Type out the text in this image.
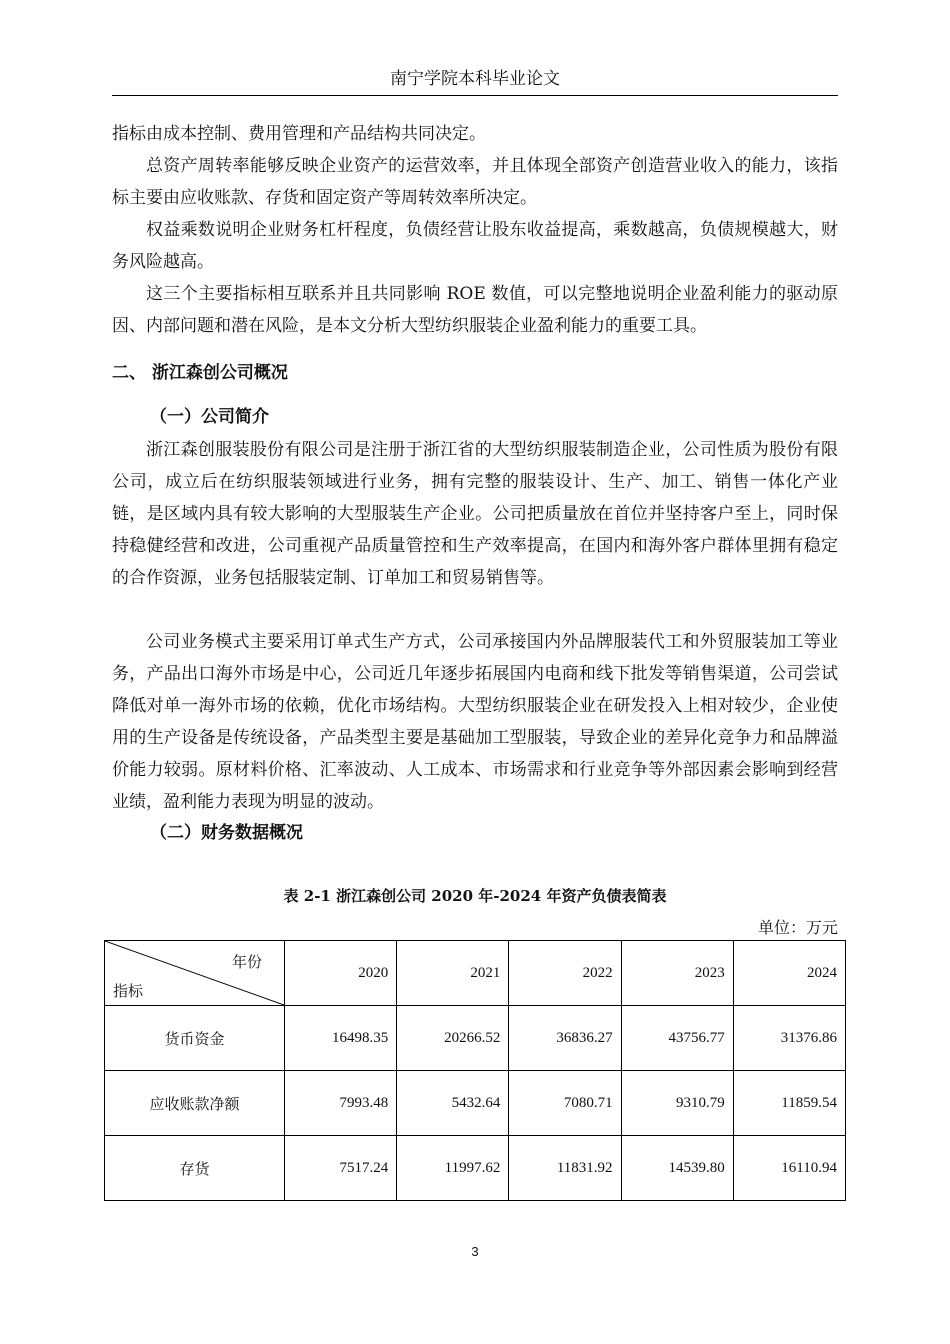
南宁学院本科毕业论文

指标由成本控制、费用管理和产品结构共同决定。

总资产周转率能够反映企业资产的运营效率，并且体现全部资产创造营业收入的能力，该指标主要由应收账款、存货和固定资产等周转效率所决定。

权益乘数说明企业财务杠杆程度，负债经营让股东收益提高，乘数越高，负债规模越大，财务风险越高。

这三个主要指标相互联系并且共同影响 ROE 数值，可以完整地说明企业盈利能力的驱动原因、内部问题和潜在风险，是本文分析大型纺织服装企业盈利能力的重要工具。

二、 浙江森创公司概况
（一）公司简介

浙江森创服装股份有限公司是注册于浙江省的大型纺织服装制造企业，公司性质为股份有限公司，成立后在纺织服装领域进行业务，拥有完整的服装设计、生产、加工、销售一体化产业链，是区域内具有较大影响的大型服装生产企业。公司把质量放在首位并坚持客户至上，同时保持稳健经营和改进，公司重视产品质量管控和生产效率提高，在国内和海外客户群体里拥有稳定的合作资源，业务包括服装定制、订单加工和贸易销售等。

公司业务模式主要采用订单式生产方式，公司承接国内外品牌服装代工和外贸服装加工等业务，产品出口海外市场是中心，公司近几年逐步拓展国内电商和线下批发等销售渠道，公司尝试降低对单一海外市场的依赖，优化市场结构。大型纺织服装企业在研发投入上相对较少，企业使用的生产设备是传统设备，产品类型主要是基础加工型服装，导致企业的差异化竞争力和品牌溢价能力较弱。原材料价格、汇率波动、人工成本、市场需求和行业竞争等外部因素会影响到经营业绩，盈利能力表现为明显的波动。

（二）财务数据概况
表 2-1 浙江森创公司 2020 年-2024 年资产负债表简表
单位：万元
年份
指标	2020	2021	2022	2023	2024
货币资金	16498.35	20266.52	36836.27	43756.77	31376.86
应收账款净额	7993.48	5432.64	7080.71	9310.79	11859.54
存货	7517.24	11997.62	11831.92	14539.80	16110.94
3
